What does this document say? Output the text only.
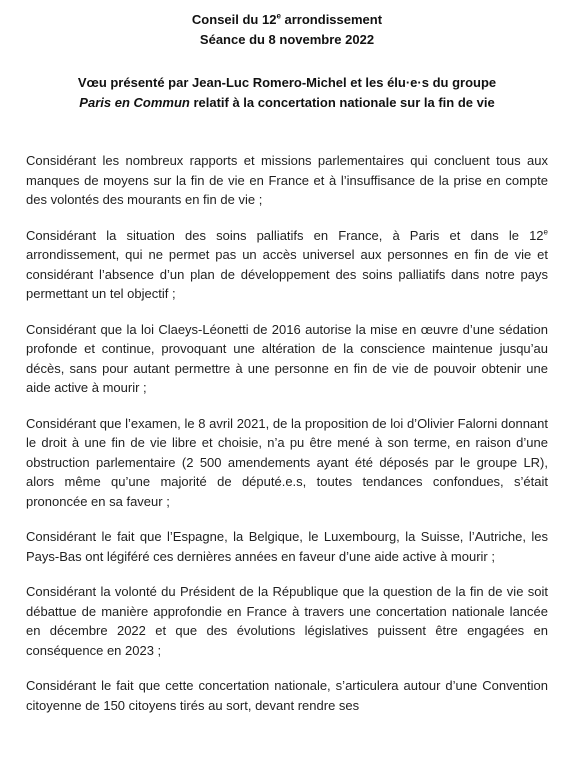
Conseil du 12e arrondissement
Séance du 8 novembre 2022
Vœu présenté par Jean-Luc Romero-Michel et les élu·e·s du groupe
Paris en Commun relatif à la concertation nationale sur la fin de vie

Considérant les nombreux rapports et missions parlementaires qui concluent tous aux manques de moyens sur la fin de vie en France et à l’insuffisance de la prise en compte des volontés des mourants en fin de vie ;

Considérant la situation des soins palliatifs en France, à Paris et dans le 12e arrondissement, qui ne permet pas un accès universel aux personnes en fin de vie et considérant l’absence d’un plan de développement des soins palliatifs dans notre pays permettant un tel objectif ;

Considérant que la loi Claeys-Léonetti de 2016 autorise la mise en œuvre d’une sédation profonde et continue, provoquant une altération de la conscience maintenue jusqu’au décès, sans pour autant permettre à une personne en fin de vie de pouvoir obtenir une aide active à mourir ;

Considérant que l’examen, le 8 avril 2021, de la proposition de loi d’Olivier Falorni donnant le droit à une fin de vie libre et choisie, n’a pu être mené à son terme, en raison d’une obstruction parlementaire (2 500 amendements ayant été déposés par le groupe LR), alors même qu’une majorité de député.e.s, toutes tendances confondues, s’était prononcée en sa faveur ;

Considérant le fait que l’Espagne, la Belgique, le Luxembourg, la Suisse, l’Autriche, les Pays-Bas ont légiféré ces dernières années en faveur d’une aide active à mourir ;

Considérant la volonté du Président de la République que la question de la fin de vie soit débattue de manière approfondie en France à travers une concertation nationale lancée en décembre 2022 et que des évolutions législatives puissent être engagées en conséquence en 2023 ;

Considérant le fait que cette concertation nationale, s’articulera autour d’une Convention citoyenne de 150 citoyens tirés au sort, devant rendre ses
